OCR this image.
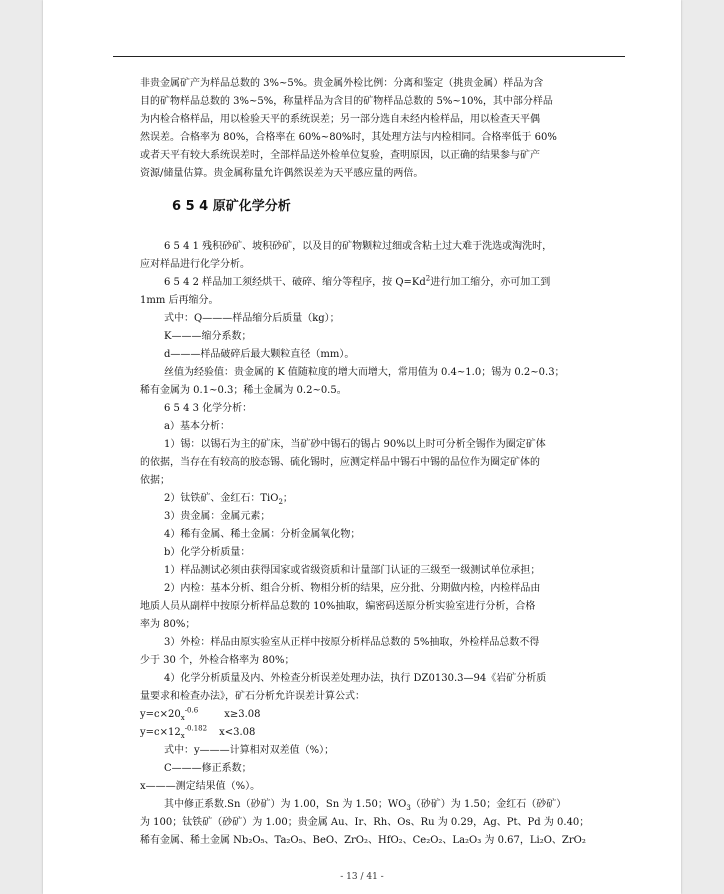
非贵金属矿产为样品总数的 3%~5%。贵金属外检比例：分离和鉴定（挑贵金属）样品为含
目的矿物样品总数的 3%~5%，称量样品为含目的矿物样品总数的 5%~10%，其中部分样品
为内检合格样品，用以检验天平的系统误差；另一部分选自未经内检样品，用以检查天平偶
然误差。合格率为 80%，合格率在 60%~80%时，其处理方法与内检相同。合格率低于 60%
或者天平有较大系统误差时，全部样品送外检单位复验，查明原因，以正确的结果参与矿产
资源/储量估算。贵金属称量允许偶然误差为天平感应量的两倍。
6 5 4 原矿化学分析
6 5 4 1 残积砂矿、坡积砂矿，以及目的矿物颗粒过细或含粘土过大难于洗选或淘洗时，
应对样品进行化学分析。
6 5 4 2 样品加工须经烘干、破碎、缩分等程序，按 $Q=Kd^2$进行加工缩分，亦可加工到
1mm 后再缩分。
式中：Q———样品缩分后质量（kg）；
K———缩分系数；
d———样品破碎后最大颗粒直径（mm）。
丝值为经验值：贵金属的 K 值随粒度的增大而增大，常用值为 0.4~1.0；锡为 0.2~0.3；
稀有金属为 0.1~0.3；稀土金属为 0.2~0.5。
6 5 4 3 化学分析：
a）基本分析：
1）锡：以锡石为主的矿床，当矿砂中锡石的锡占 90%以上时可分析全锡作为圈定矿体
的依据，当存在有较高的胶态锡、硫化锡时，应测定样品中锡石中锡的品位作为圈定矿体的
依据；
2）钛铁矿、金红石：TiO$_2$；
3）贵金属：金属元素；
4）稀有金属、稀土金属：分析金属氧化物；
b）化学分析质量：
1）样品测试必须由获得国家或省级资质和计量部门认证的三级至一级测试单位承担；
2）内检：基本分析、组合分析、物相分析的结果，应分批、分期做内检，内检样品由
地质人员从副样中按原分析样品总数的 10%抽取，编密码送原分析实验室进行分析，合格
率为 80%；
3）外检：样品由原实验室从正样中按原分析样品总数的 5%抽取，外检样品总数不得
少于 30 个，外检合格率为 80%；
4）化学分析质量及内、外检查分析误差处理办法，执行 DZ0130.3—94《岩矿分析质
量要求和检查办法》，矿石分析允许误差计算公式：
$y=c\times 20_x^{-0.6}$	x≥3.08
$y=c\times 12_x^{-0.182}$ x<3.08
式中：y———计算相对双差值（%）；
C———修正系数；
x———测定结果值（%）。
其中修正系数.Sn（砂矿）为 1.00，Sn 为 1.50；$WO_3$（砂矿）为 1.50；金红石（砂矿）
为 100；钛铁矿（砂矿）为 1.00；贵金属 Au、Ir、Rh、Os、Ru 为 0.29，Ag、Pt、Pd 为 0.40；
稀有金属、稀土金属 Nb₂O₅、Ta₂O₅、BeO、ZrO₂、HfO₂、Ce₂O₂、La₂O₃ 为 0.67，Li₂O、ZrO₂
- 13 / 41 -
